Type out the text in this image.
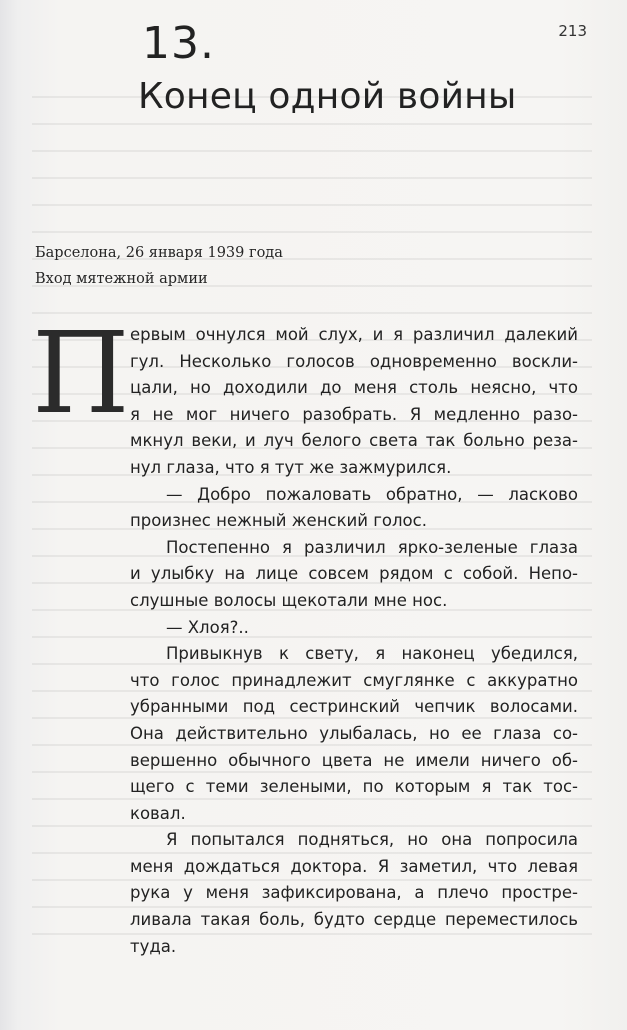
213
13.
Конец одной войны
Барселона, 26 января 1939 года
Вход мятежной армии
П ервым очнулся мой слух, и я различил далекий
гул. Несколько голосов одновременно воскли-
цали, но доходили до меня столь неясно, что
я не мог ничего разобрать. Я медленно разо-
мкнул веки, и луч белого света так больно реза-
нул глаза, что я тут же зажмурился.
— Добро пожаловать обратно, — ласково
произнес нежный женский голос.
Постепенно я различил ярко-зеленые глаза
и улыбку на лице совсем рядом с собой. Непо-
слушные волосы щекотали мне нос.
— Хлоя?..
Привыкнув к свету, я наконец убедился,
что голос принадлежит смуглянке с аккуратно
убранными под сестринский чепчик волосами.
Она действительно улыбалась, но ее глаза со-
вершенно обычного цвета не имели ничего об-
щего с теми зелеными, по которым я так тос-
ковал.
Я попытался подняться, но она попросила
меня дождаться доктора. Я заметил, что левая
рука у меня зафиксирована, а плечо простре-
ливала такая боль, будто сердце переместилось
туда.
